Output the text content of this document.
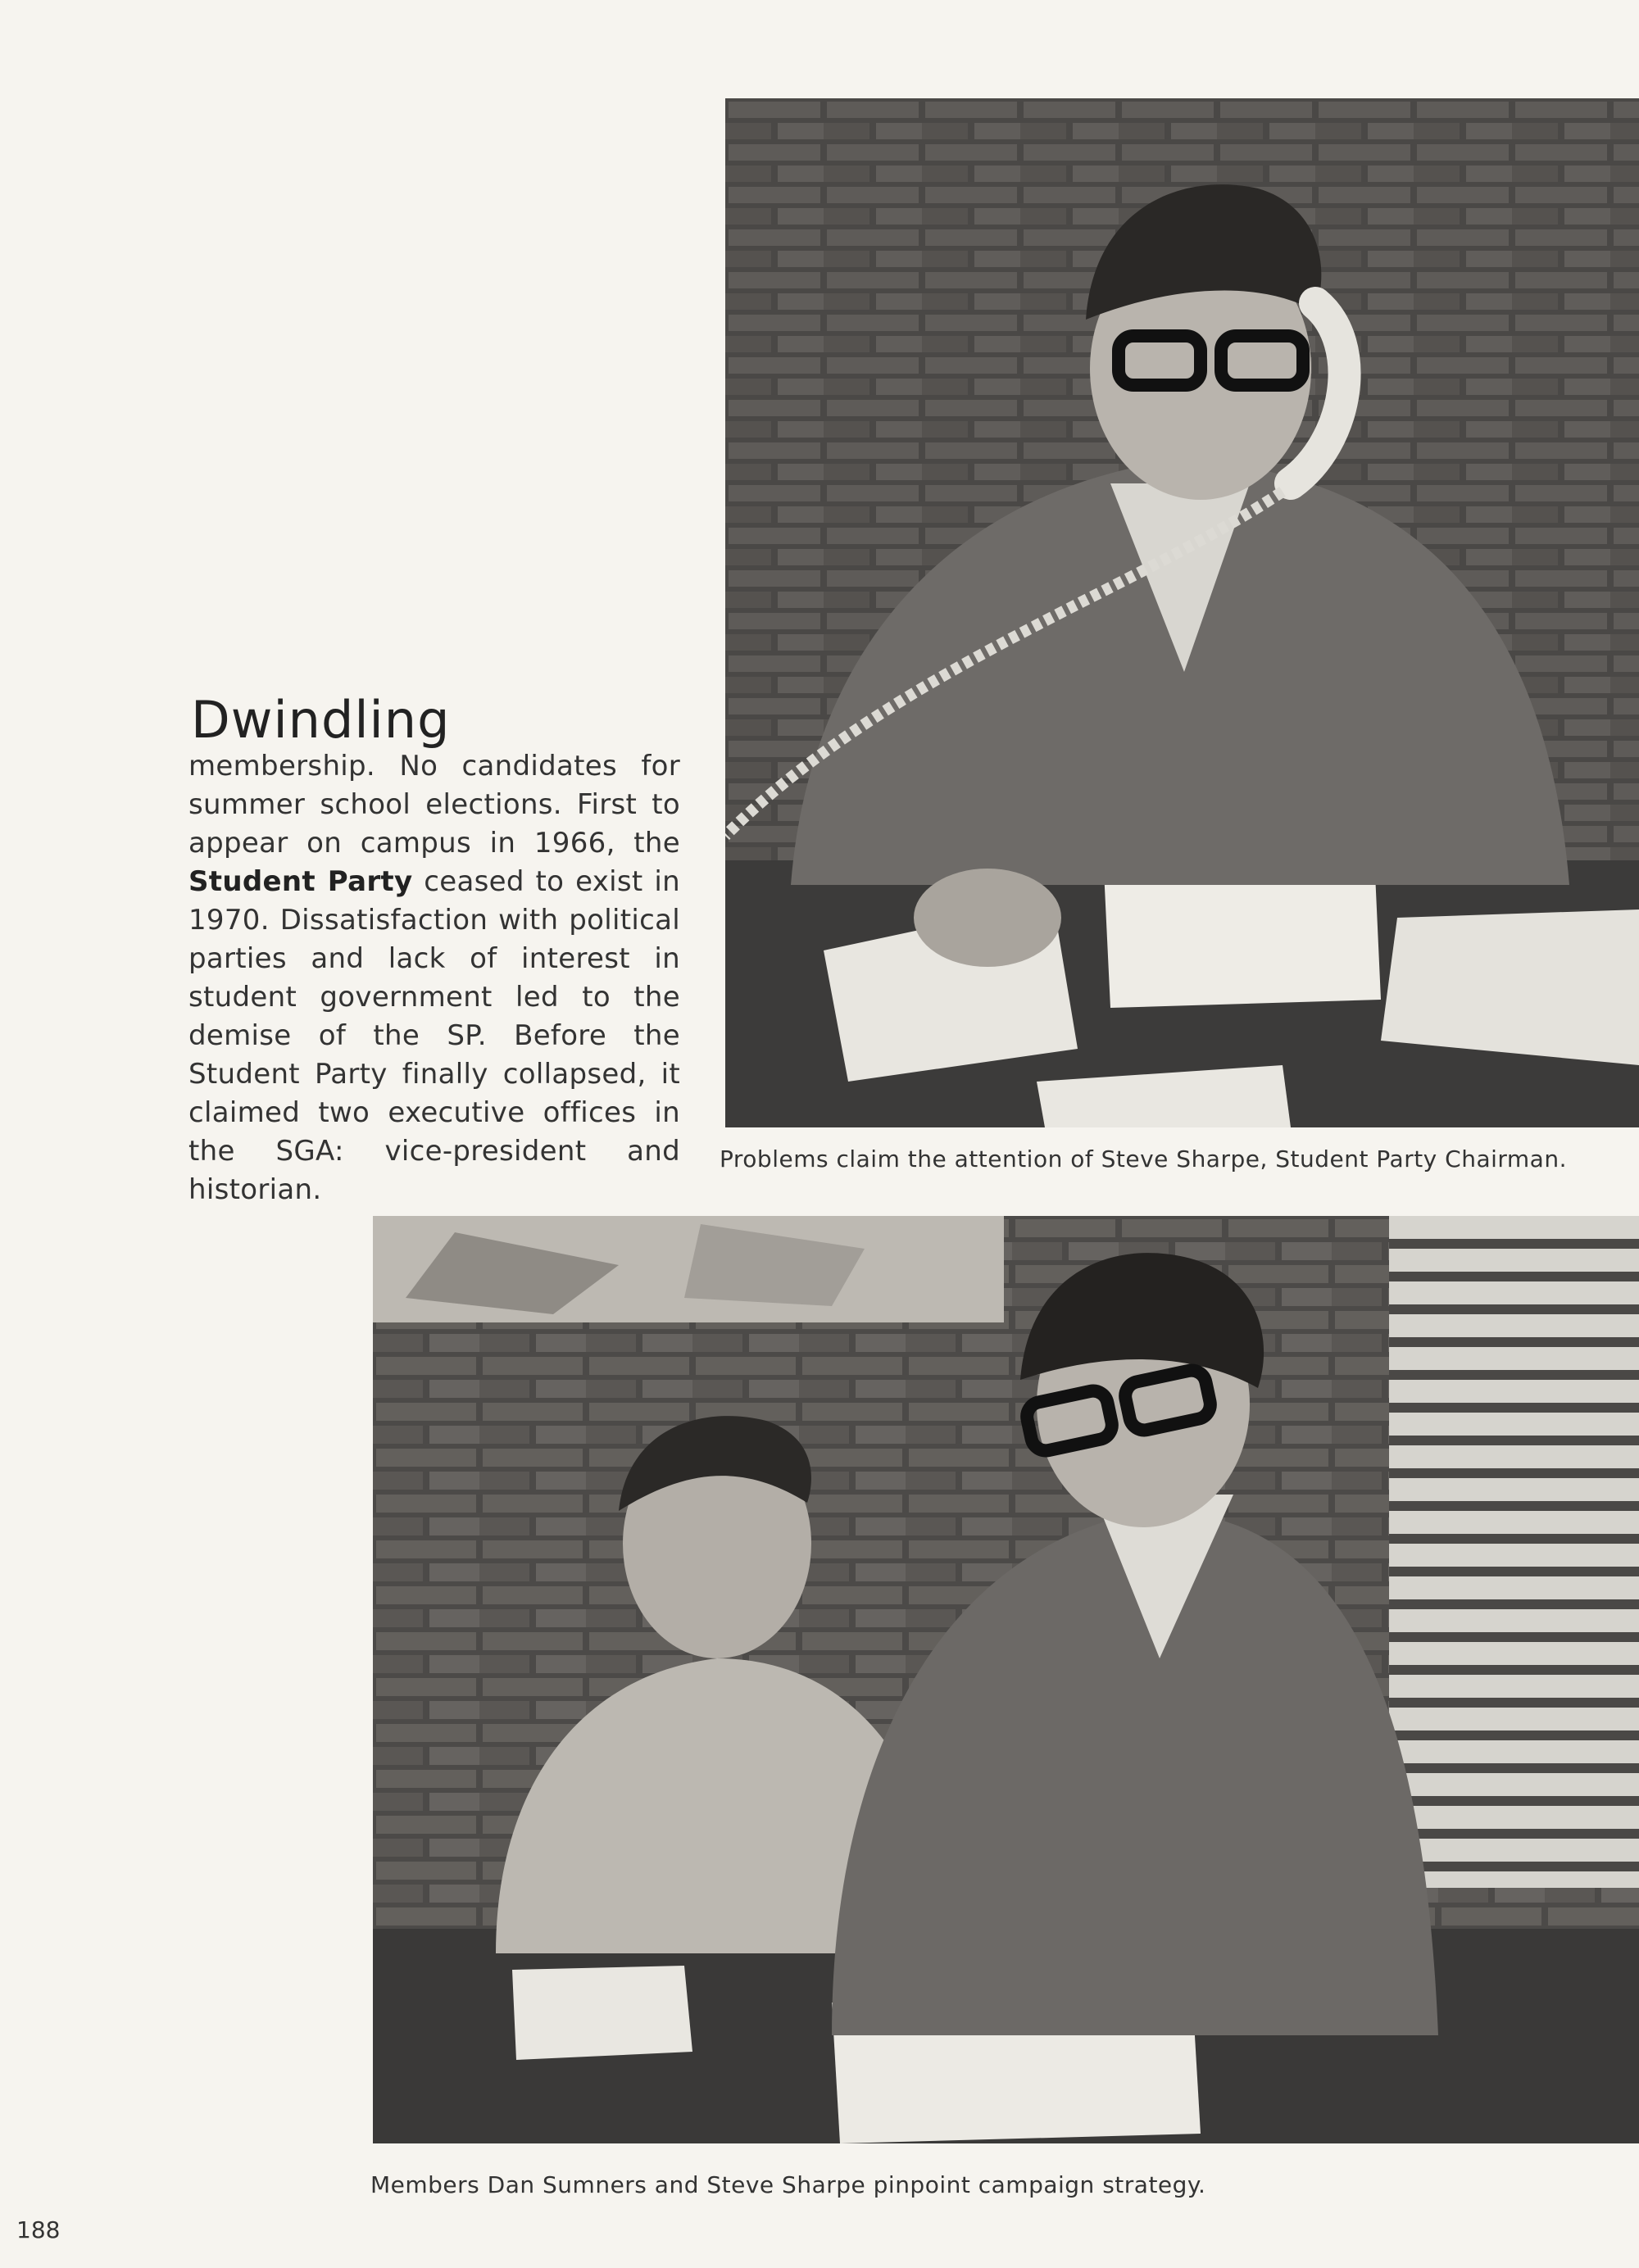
Dwindling

membership. No candidates for summer school elections. First to appear on campus in 1966, the Student Party ceased to exist in 1970. Dissatisfaction with political parties and lack of interest in student government led to the demise of the SP. Before the Student Party finally collapsed, it claimed two executive offices in the SGA: vice-president and historian.

Problems claim the attention of Steve Sharpe, Student Party Chairman.
Members Dan Sumners and Steve Sharpe pinpoint campaign strategy.
188
